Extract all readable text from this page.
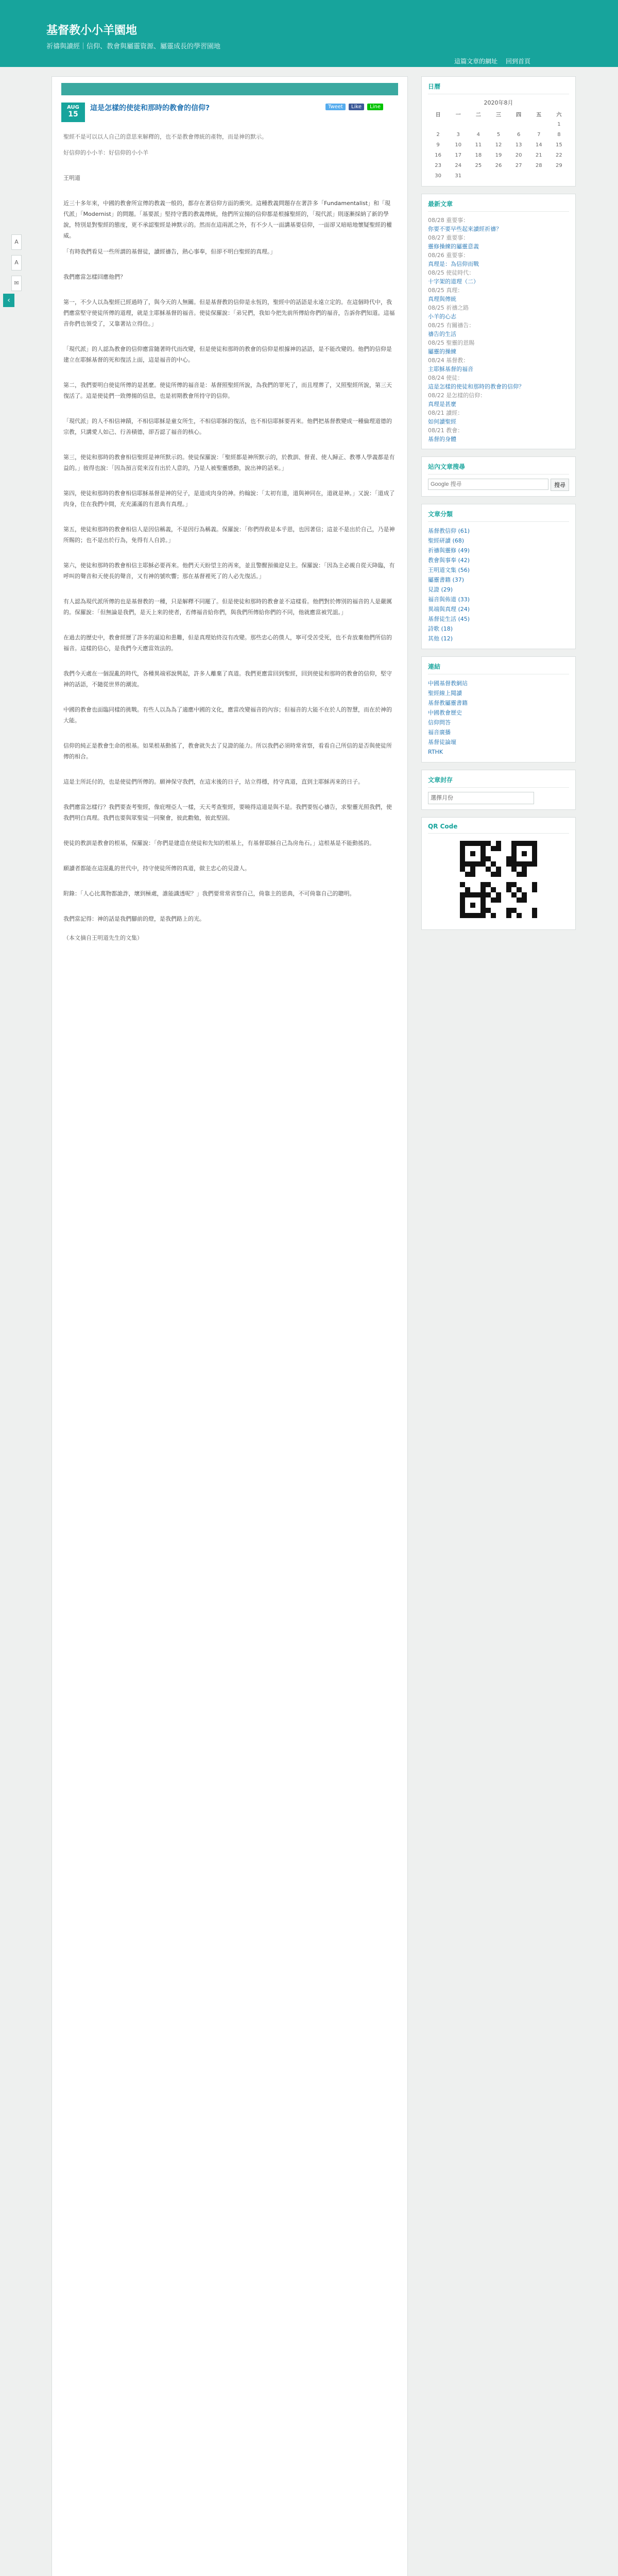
基督教小小羊園地
祈禱與讀經｜信仰、教會與屬靈資源、屬靈成長的學習園地
這篇文章的網址 回到首頁
A
A
✉
‹
AUG
15
這是怎樣的使徒和那時的教會的信仰?	Tweet Like Line

聖經不是可以以人自己的意思來解釋的，也不是教會傳統的產物，而是神的默示。

好信仰的小小羊：好信仰的小小羊

王明道

近三十多年來，中國的教會所宣傳的教義一般的，都存在著信仰方面的衝突。這種教義問題存在著許多「Fundamentalist」和「現代派」「Modernist」的問題。「基要派」堅持守舊的教義傳統，他們所宣揚的信仰都是根據聖經的，「現代派」則逐漸採納了新的學說，特別是對聖經的態度，更不承認聖經是神默示的。然而在這兩派之外，有不少人一面講基要信仰，一面卻又暗暗地懷疑聖經的權威。

「有時我們看見一些所謂的基督徒，讀經禱告，熱心事奉，但卻不明白聖經的真理。」

我們應當怎樣回應他們？

第一，不少人以為聖經已經過時了，與今天的人無關。但是基督教的信仰是永恆的，聖經中的話語是永遠立定的。在這個時代中，我們應當堅守使徒所傳的道理，就是主耶穌基督的福音。使徒保羅說：「弟兄們，我如今把先前所傳給你們的福音，告訴你們知道。這福音你們也領受了，又靠著站立得住。」

「現代派」的人認為教會的信仰應當隨著時代而改變，但是使徒和那時的教會的信仰是根據神的話語，是不能改變的。他們的信仰是建立在耶穌基督的死和復活上面，這是福音的中心。

第二，我們要明白使徒所傳的是甚麼。使徒所傳的福音是：基督照聖經所說，為我們的罪死了，而且埋葬了，又照聖經所說，第三天復活了。這是使徒們一致傳揚的信息，也是初期教會所持守的信仰。

「現代派」的人不相信神蹟，不相信耶穌是童女所生，不相信耶穌的復活，也不相信耶穌要再來。他們把基督教變成一種倫理道德的宗教，只講愛人如己、行善積德，卻否認了福音的核心。

第三，使徒和那時的教會相信聖經是神所默示的。使徒保羅說：「聖經都是神所默示的，於教訓、督責、使人歸正、教導人學義都是有益的。」彼得也說：「因為預言從來沒有出於人意的，乃是人被聖靈感動，說出神的話來。」

第四，使徒和那時的教會相信耶穌基督是神的兒子，是道成肉身的神。約翰說：「太初有道，道與神同在，道就是神。」又說：「道成了肉身，住在我們中間，充充滿滿的有恩典有真理。」

第五，使徒和那時的教會相信人是因信稱義，不是因行為稱義。保羅說：「你們得救是本乎恩，也因著信；這並不是出於自己，乃是神所賜的；也不是出於行為，免得有人自誇。」

第六，使徒和那時的教會相信主耶穌必要再來。他們天天盼望主的再來，並且警醒預備迎見主。保羅說：「因為主必親自從天降臨，有呼叫的聲音和天使長的聲音，又有神的號吹響；那在基督裡死了的人必先復活。」

有人認為現代派所傳的也是基督教的一種，只是解釋不同罷了。但是使徒和那時的教會並不這樣看。他們對於傳別的福音的人是嚴厲的。保羅說：「但無論是我們，是天上來的使者，若傳福音給你們，與我們所傳給你們的不同，他就應當被咒詛。」

在過去的歷史中，教會經歷了許多的逼迫和患難，但是真理始終沒有改變。那些忠心的僕人，寧可受苦受死，也不肯放棄他們所信的福音。這樣的信心，是我們今天應當效法的。

我們今天處在一個混亂的時代，各種異端邪說興起，許多人離棄了真道。我們更應當回到聖經，回到使徒和那時的教會的信仰，堅守神的話語，不隨從世界的潮流。

中國的教會也面臨同樣的挑戰。有些人以為為了適應中國的文化，應當改變福音的內容；但福音的大能不在於人的智慧，而在於神的大能。

信仰的純正是教會生命的根基。如果根基動搖了，教會就失去了見證的能力。所以我們必須時常省察，看看自己所信的是否與使徒所傳的相合。

這是主所託付的，也是使徒們所傳的。願神保守我們，在這末後的日子，站立得穩，持守真道，直到主耶穌再來的日子。

我們應當怎樣行？我們要查考聖經，像庇哩亞人一樣，天天考查聖經，要曉得這道是與不是。我們要恆心禱告，求聖靈光照我們，使我們明白真理。我們也要與眾聖徒一同聚會，彼此勸勉，彼此堅固。

使徒的教訓是教會的根基，保羅說：「你們是建造在使徒和先知的根基上，有基督耶穌自己為房角石。」這根基是不能動搖的。

願讀者都能在這混亂的世代中，持守使徒所傳的真道，做主忠心的見證人。

附錄：「人心比萬物都詭詐，壞到極處，誰能識透呢？」我們要常常省察自己，倚靠主的恩典，不可倚靠自己的聰明。

我們當記得：神的話是我們腳前的燈，是我們路上的光。

（本文摘自王明道先生的文集）

日曆
2020年8月
日	一	二	三	四	五	六
						1
2	3	4	5	6	7	8
9	10	11	12	13	14	15
16	17	18	19	20	21	22
23	24	25	26	27	28	29
30	31					
最新文章
08/28 重要事：
你要不要早些起來讀經祈禱？
08/27 重要事：
靈修操練的屬靈意義
08/26 重要事：
真理是：為信仰而戰
08/25 使徒時代：
十字架的道理（二）
08/25 真理：
真理與傳統
08/25 祈禱之路
小羊的心志
08/25 有關禱告：
禱告的生活
08/25 聖靈的恩賜
屬靈的操練
08/24 基督教：
主耶穌基督的福音
08/24 使徒：
這是怎樣的使徒和那時的教會的信仰？
08/22 是怎樣的信仰：
真理是甚麼
08/21 讀經：
如何讀聖經
08/21 教會：
基督的身體
站內文章搜尋
Google 搜尋
搜尋
文章分類
基督教信仰 (61)
聖經研讀 (68)
祈禱與靈修 (49)
教會與事奉 (42)
王明道文集 (56)
屬靈書籍 (37)
見證 (29)
福音與佈道 (33)
異端與真理 (24)
基督徒生活 (45)
詩歌 (18)
其他 (12)
連結
中國基督教網站
聖經線上閱讀
基督教屬靈書籍
中國教會歷史
信仰問答
福音廣播
基督徒論壇
RTHK
文章封存
選擇月份
QR Code
